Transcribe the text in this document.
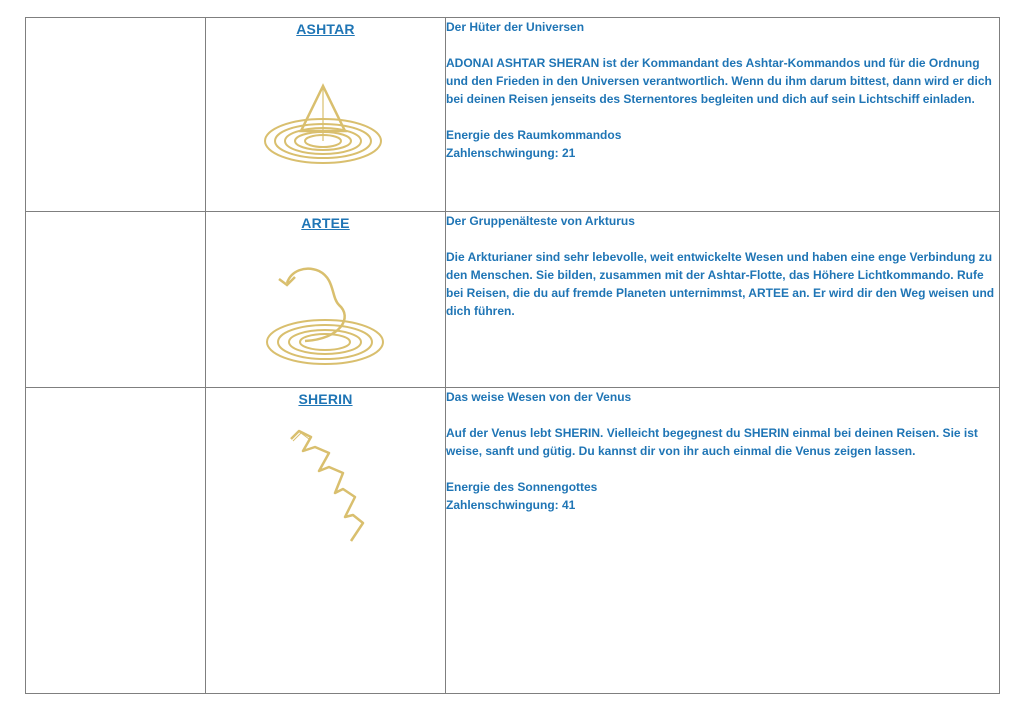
	ASHTAR	Der Hüter der Universen

ADONAI ASHTAR SHERAN ist der Kommandant des Ashtar-Kommandos und für die Ordnung und den Frieden in den Universen verantwortlich. Wenn du ihm darum bittest, dann wird er dich bei deinen Reisen jenseits des Sternentores begleiten und dich auf sein Lichtschiff einladen.

Energie des Raumkommandos

Zahlenschwingung: 21

	ARTEE	Der Gruppenälteste von Arkturus

Die Arkturianer sind sehr lebevolle, weit entwickelte Wesen und haben eine enge Verbindung zu den Menschen. Sie bilden, zusammen mit der Ashtar-Flotte, das Höhere Lichtkommando. Rufe bei Reisen, die du auf fremde Planeten unternimmst, ARTEE an. Er wird dir den Weg weisen und dich führen.

	SHERIN	Das weise Wesen von der Venus

Auf der Venus lebt SHERIN. Vielleicht begegnest du SHERIN einmal bei deinen Reisen. Sie ist weise, sanft und gütig. Du kannst dir von ihr auch einmal die Venus zeigen lassen.

Energie des Sonnengottes

Zahlenschwingung: 41
